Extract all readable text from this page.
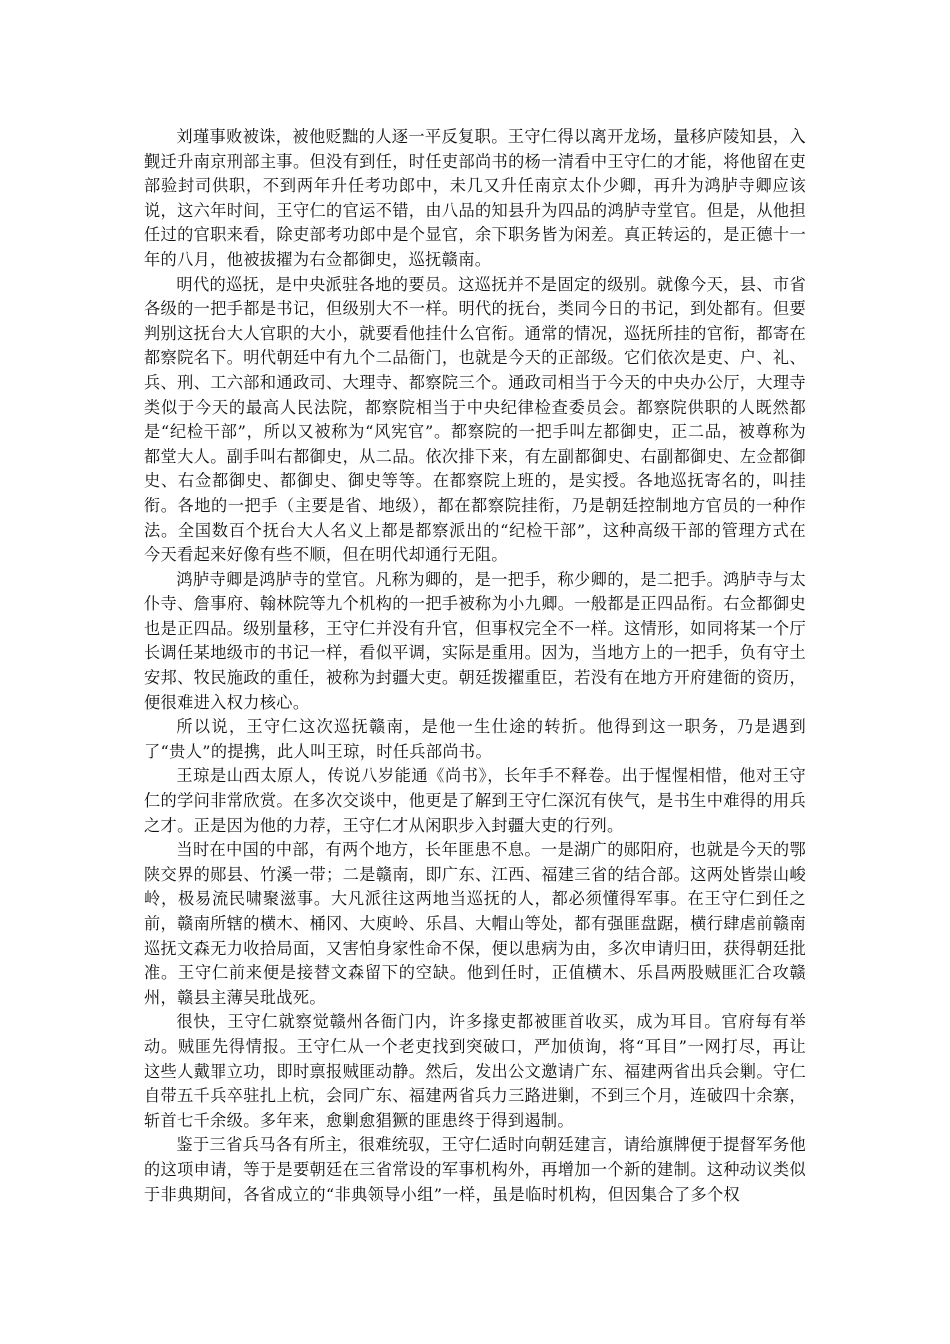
刘瑾事败被诛，被他贬黜的人逐一平反复职。王守仁得以离开龙场，量移庐陵知县，入觐迁升南京刑部主事。但没有到任，时任吏部尚书的杨一清看中王守仁的才能，将他留在吏部验封司供职，不到两年升任考功郎中，未几又升任南京太仆少卿，再升为鸿胪寺卿应该说，这六年时间，王守仁的官运不错，由八品的知县升为四品的鸿胪寺堂官。但是，从他担任过的官职来看，除吏部考功郎中是个显官，余下职务皆为闲差。真正转运的，是正德十一年的八月，他被拔擢为右佥都御史，巡抚赣南。

明代的巡抚，是中央派驻各地的要员。这巡抚并不是固定的级别。就像今天，县、市省各级的一把手都是书记，但级别大不一样。明代的抚台，类同今日的书记，到处都有。但要判别这抚台大人官职的大小，就要看他挂什么官衔。通常的情况，巡抚所挂的官衔，都寄在都察院名下。明代朝廷中有九个二品衙门，也就是今天的正部级。它们依次是吏、户、礼、兵、刑、工六部和通政司、大理寺、都察院三个。通政司相当于今天的中央办公厅，大理寺类似于今天的最高人民法院，都察院相当于中央纪律检查委员会。都察院供职的人既然都是“纪检干部”，所以又被称为“风宪官”。都察院的一把手叫左都御史，正二品，被尊称为都堂大人。副手叫右都御史，从二品。依次排下来，有左副都御史、右副都御史、左佥都御史、右佥都御史、都御史、御史等等。在都察院上班的，是实授。各地巡抚寄名的，叫挂衔。各地的一把手（主要是省、地级），都在都察院挂衔，乃是朝廷控制地方官员的一种作法。全国数百个抚台大人名义上都是都察派出的“纪检干部”，这种高级干部的管理方式在今天看起来好像有些不顺，但在明代却通行无阻。

鸿胪寺卿是鸿胪寺的堂官。凡称为卿的，是一把手，称少卿的，是二把手。鸿胪寺与太仆寺、詹事府、翰林院等九个机构的一把手被称为小九卿。一般都是正四品衔。右佥都御史也是正四品。级别量移，王守仁并没有升官，但事权完全不一样。这情形，如同将某一个厅长调任某地级市的书记一样，看似平调，实际是重用。因为，当地方上的一把手，负有守土安邦、牧民施政的重任，被称为封疆大吏。朝廷拨擢重臣，若没有在地方开府建衙的资历，便很难进入权力核心。

所以说，王守仁这次巡抚赣南，是他一生仕途的转折。他得到这一职务，乃是遇到了“贵人”的提携，此人叫王琼，时任兵部尚书。

王琼是山西太原人，传说八岁能通《尚书》，长年手不释卷。出于惺惺相惜，他对王守仁的学问非常欣赏。在多次交谈中，他更是了解到王守仁深沉有侠气，是书生中难得的用兵之才。正是因为他的力荐，王守仁才从闲职步入封疆大吏的行列。

当时在中国的中部，有两个地方，长年匪患不息。一是湖广的郧阳府，也就是今天的鄂陕交界的郧县、竹溪一带；二是赣南，即广东、江西、福建三省的结合部。这两处皆崇山峻岭，极易流民啸聚滋事。大凡派往这两地当巡抚的人，都必须懂得军事。在王守仁到任之前，赣南所辖的横木、桶冈、大庾岭、乐昌、大帽山等处，都有强匪盘踞，横行肆虐前赣南巡抚文森无力收拾局面，又害怕身家性命不保，便以患病为由，多次申请归田，获得朝廷批准。王守仁前来便是接替文森留下的空缺。他到任时，正值横木、乐昌两股贼匪汇合攻赣州，赣县主薄吴玭战死。

很快，王守仁就察觉赣州各衙门内，许多掾吏都被匪首收买，成为耳目。官府每有举动。贼匪先得情报。王守仁从一个老吏找到突破口，严加侦询，将“耳目”一网打尽，再让这些人戴罪立功，即时禀报贼匪动静。然后，发出公文邀请广东、福建两省出兵会剿。守仁自带五千兵卒驻扎上杭，会同广东、福建两省兵力三路进剿，不到三个月，连破四十余寨，斩首七千余级。多年来，愈剿愈猖獗的匪患终于得到遏制。

鉴于三省兵马各有所主，很难统驭，王守仁适时向朝廷建言，请给旗牌便于提督军务他的这项申请，等于是要朝廷在三省常设的军事机构外，再增加一个新的建制。这种动议类似于非典期间，各省成立的“非典领导小组”一样，虽是临时机构，但因集合了多个权
